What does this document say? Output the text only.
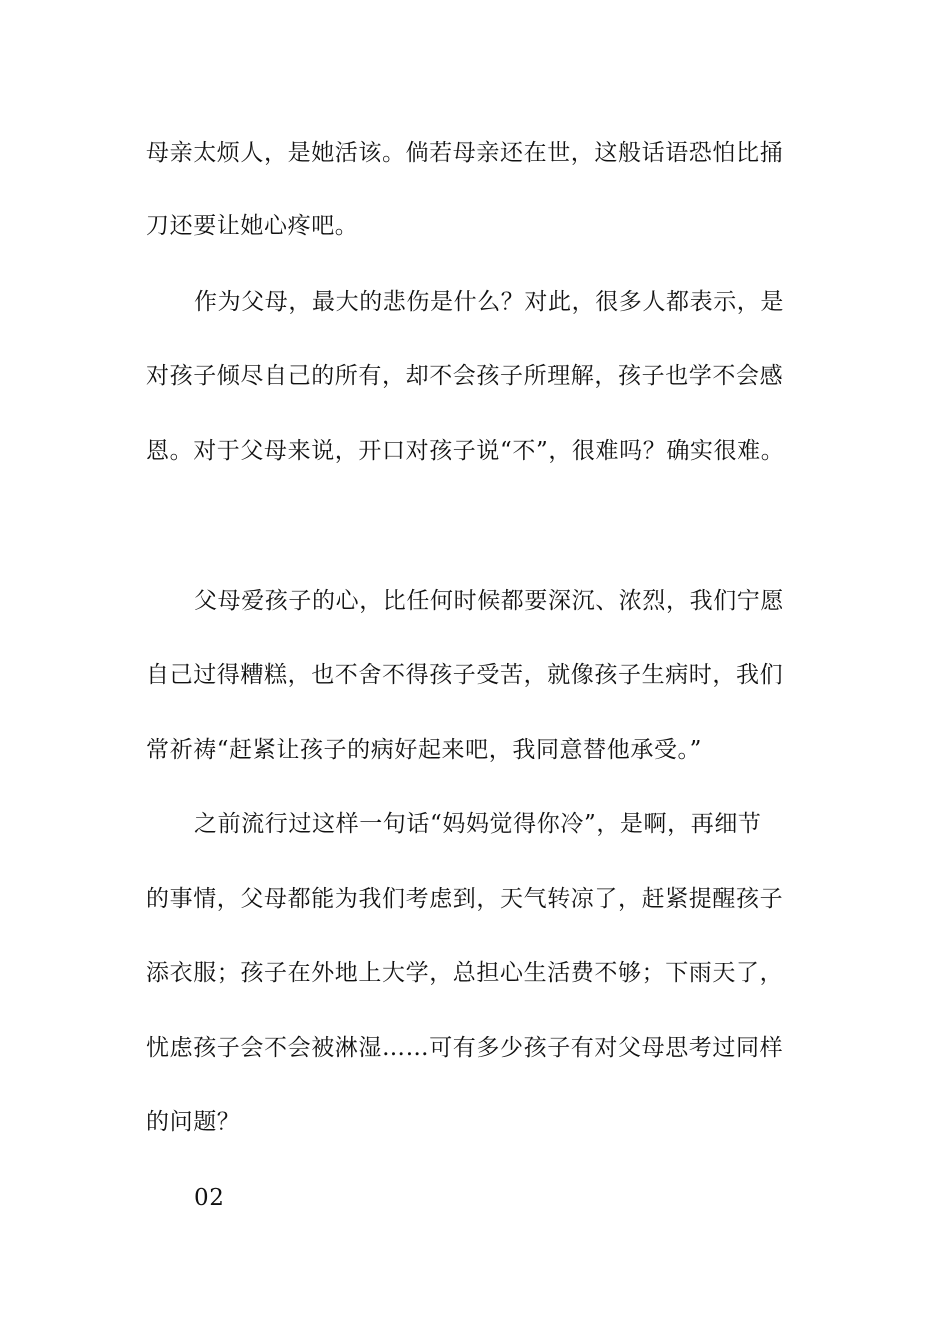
母亲太烦人，是她活该。倘若母亲还在世，这般话语恐怕比捅
刀还要让她心疼吧。
作为父母，最大的悲伤是什么？对此，很多人都表示，是
对孩子倾尽自己的所有，却不会孩子所理解，孩子也学不会感
恩。对于父母来说，开口对孩子说“不”，很难吗？确实很难。
父母爱孩子的心，比任何时候都要深沉、浓烈，我们宁愿
自己过得糟糕，也不舍不得孩子受苦，就像孩子生病时，我们
常祈祷“赶紧让孩子的病好起来吧，我同意替他承受。”
之前流行过这样一句话“妈妈觉得你冷”，是啊，再细节
的事情，父母都能为我们考虑到，天气转凉了，赶紧提醒孩子
添衣服；孩子在外地上大学，总担心生活费不够；下雨天了，
忧虑孩子会不会被淋湿……可有多少孩子有对父母思考过同样
的问题？
02
